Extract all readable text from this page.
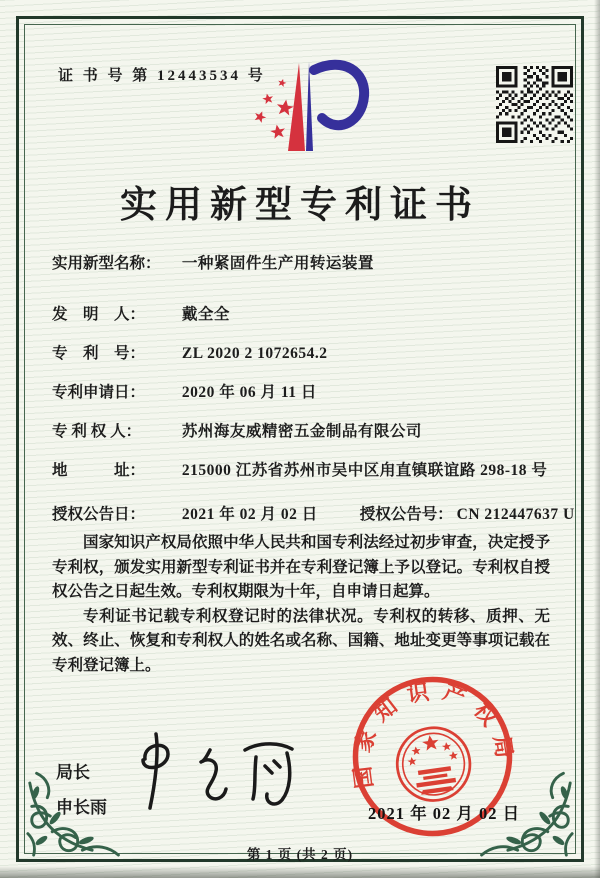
证 书 号 第 12443534 号
实用新型专利证书
实用新型名称： 一种紧固件生产用转运装置
发　明　人： 戴全全
专　利　号： ZL 2020 2 1072654.2
专利申请日： 2020 年 06 月 11 日
专 利 权 人：	苏州海友威精密五金制品有限公司
地　　　址： 215000 江苏省苏州市吴中区甪直镇联谊路 298-18 号
授权公告日： 2021 年 02 月 02 日	授权公告号： CN 212447637 U

国家知识产权局依照中华人民共和国专利法经过初步审查，决定授予专利权，颁发实用新型专利证书并在专利登记簿上予以登记。专利权自授权公告之日起生效。专利权期限为十年，自申请日起算。

专利证书记载专利权登记时的法律状况。专利权的转移、质押、无效、终止、恢复和专利权人的姓名或名称、国籍、地址变更等事项记载在专利登记簿上。

局长
申长雨
国家知识产权局
2021 年 02 月 02 日
第 1 页 (共 2 页)
